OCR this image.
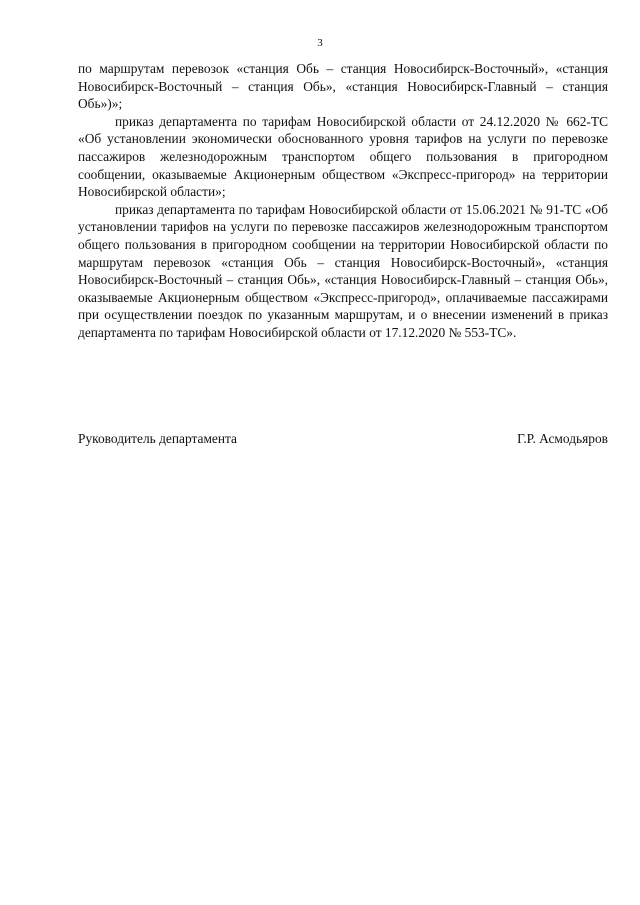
3

по маршрутам перевозок «станция Обь – станция Новосибирск-Восточный», «станция Новосибирск-Восточный – станция Обь», «станция Новосибирск-Главный – станция Обь»)»;

приказ департамента по тарифам Новосибирской области от 24.12.2020 № 662-ТС «Об установлении экономически обоснованного уровня тарифов на услуги по перевозке пассажиров железнодорожным транспортом общего пользования в пригородном сообщении, оказываемые Акционерным обществом «Экспресс-пригород» на территории Новосибирской области»;

приказ департамента по тарифам Новосибирской области от 15.06.2021 № 91-ТС «Об установлении тарифов на услуги по перевозке пассажиров железнодорожным транспортом общего пользования в пригородном сообщении на территории Новосибирской области по маршрутам перевозок «станция Обь – станция Новосибирск-Восточный», «станция Новосибирск-Восточный – станция Обь», «станция Новосибирск-Главный – станция Обь», оказываемые Акционерным обществом «Экспресс-пригород», оплачиваемые пассажирами при осуществлении поездок по указанным маршрутам, и о внесении изменений в приказ департамента по тарифам Новосибирской области от 17.12.2020 № 553-ТС».

Руководитель департамента	Г.Р. Асмодьяров
